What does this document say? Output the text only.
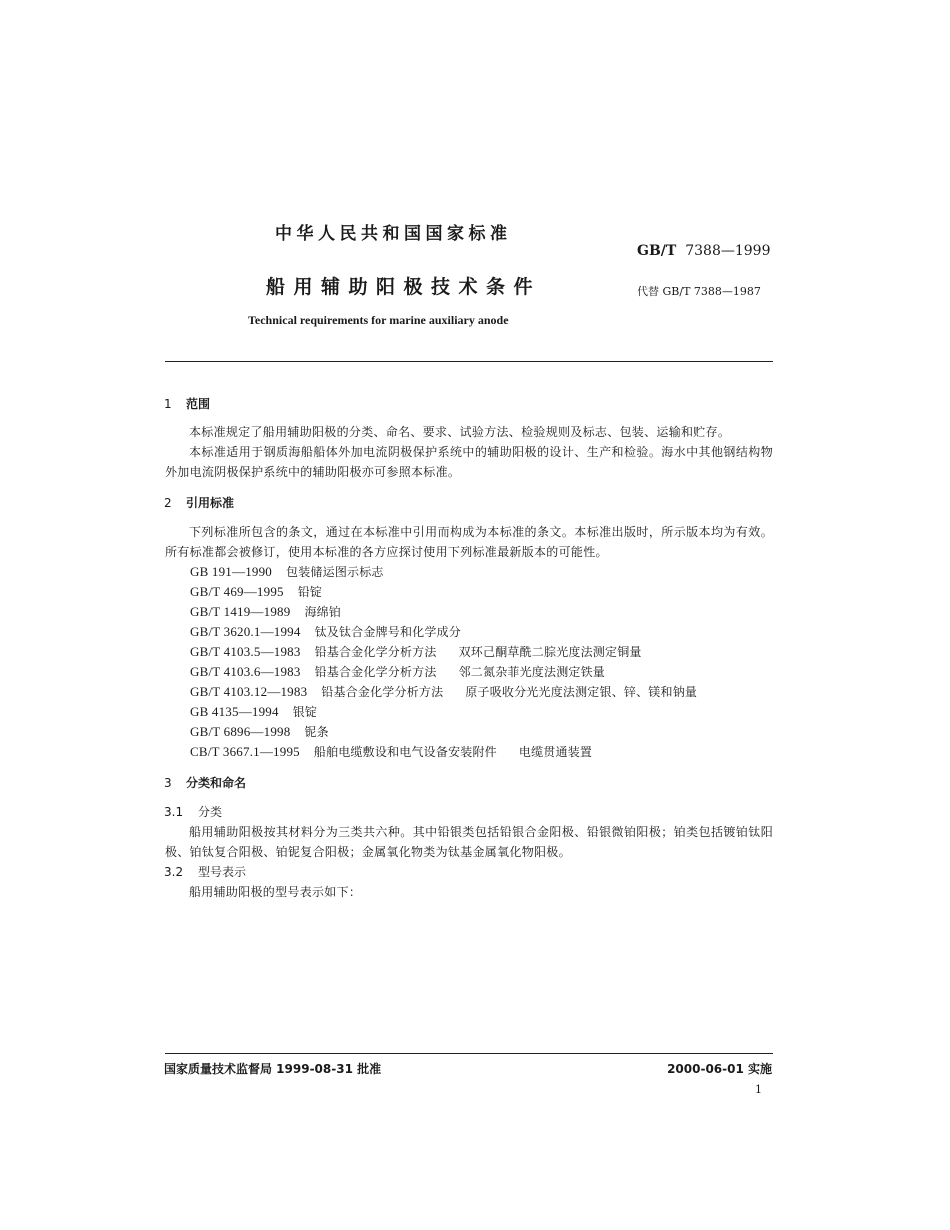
中华人民共和国国家标准
GB/T 7388—1999
船用辅助阳极技术条件	代替 GB/T 7388—1987
Technical requirements for marine auxiliary anode
1 范围
本标准规定了船用辅助阳极的分类、命名、要求、试验方法、检验规则及标志、包装、运输和贮存。
本标准适用于钢质海船船体外加电流阴极保护系统中的辅助阳极的设计、生产和检验。海水中其他钢结构物外加电流阴极保护系统中的辅助阳极亦可参照本标准。
2 引用标准
下列标准所包含的条文，通过在本标准中引用而构成为本标准的条文。本标准出版时，所示版本均为有效。所有标准都会被修订，使用本标准的各方应探讨使用下列标准最新版本的可能性。
GB 191—1990 包装储运图示标志
GB/T 469—1995 铅锭
GB/T 1419—1989 海绵铂
GB/T 3620.1—1994 钛及钛合金牌号和化学成分
GB/T 4103.5—1983 铅基合金化学分析方法 双环己酮草酰二腙光度法测定铜量
GB/T 4103.6—1983 铅基合金化学分析方法 邻二氮杂菲光度法测定铁量
GB/T 4103.12—1983 铅基合金化学分析方法 原子吸收分光光度法测定银、锌、镁和钠量
GB 4135—1994 银锭
GB/T 6896—1998 铌条
CB/T 3667.1—1995 船舶电缆敷设和电气设备安装附件 电缆贯通装置
3 分类和命名
3.1 分类
船用辅助阳极按其材料分为三类共六种。其中铅银类包括铅银合金阳极、铅银微铂阳极；铂类包括镀铂钛阳极、铂钛复合阳极、铂铌复合阳极；金属氧化物类为钛基金属氧化物阳极。
3.2 型号表示
船用辅助阳极的型号表示如下：
国家质量技术监督局 1999-08-31 批准	2000-06-01 实施
1
